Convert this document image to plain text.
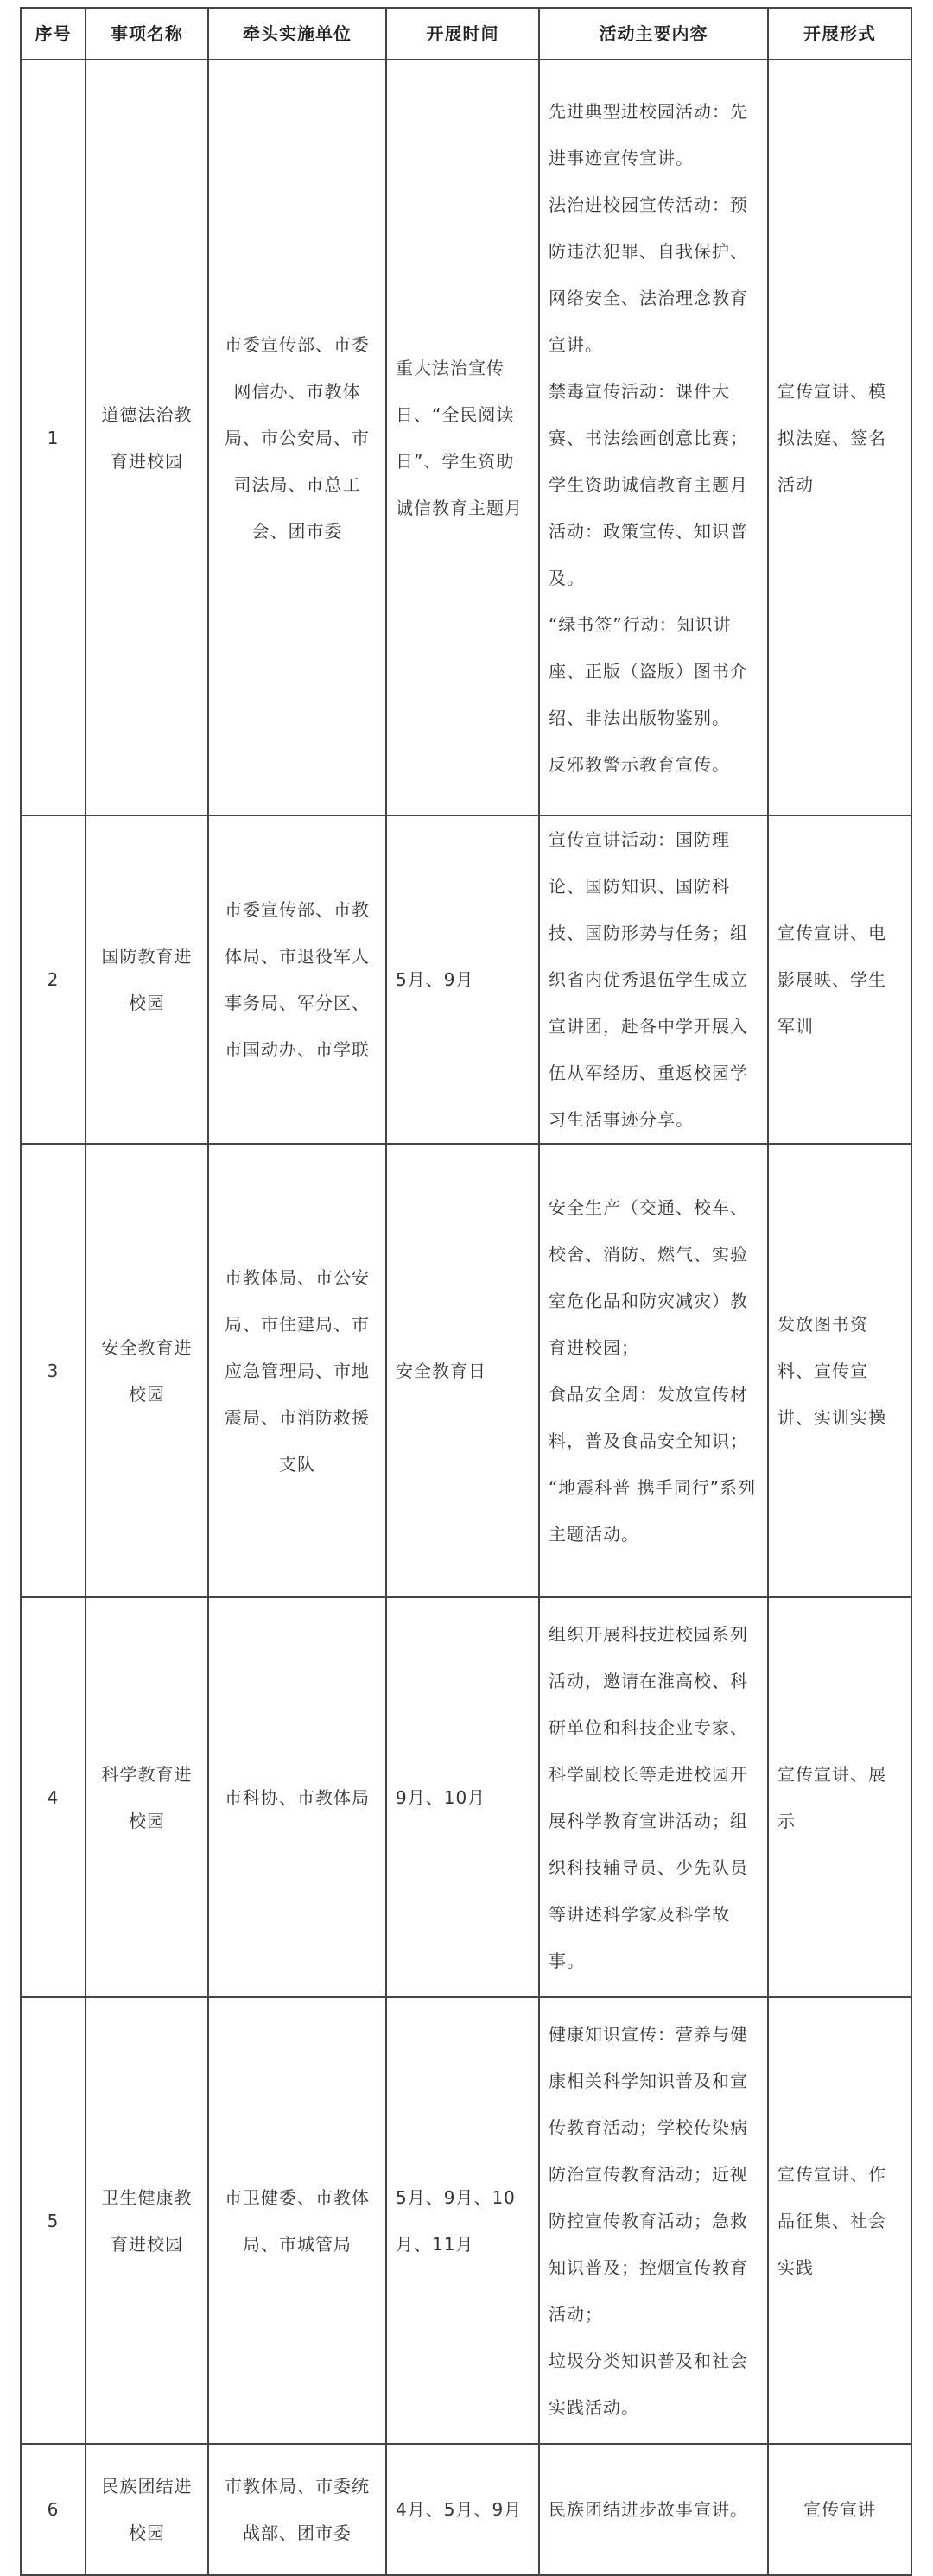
序号	事项名称	牵头实施单位	开展时间	活动主要内容	开展形式
1	道德法治教育进校园	市委宣传部、市委网信办、市教体局、市公安局、市司法局、市总工会、团市委	重大法治宣传日、“全民阅读日”、学生资助诚信教育主题月	先进典型进校园活动：先进事迹宣传宣讲。
法治进校园宣传活动：预防违法犯罪、自我保护、网络安全、法治理念教育宣讲。
禁毒宣传活动：课件大赛、书法绘画创意比赛；学生资助诚信教育主题月活动：政策宣传、知识普及。
“绿书签”行动：知识讲座、正版（盗版）图书介绍、非法出版物鉴别。
反邪教警示教育宣传。	宣传宣讲、模拟法庭、签名活动
2	国防教育进校园	市委宣传部、市教体局、市退役军人事务局、军分区、市国动办、市学联	5月、9月	宣传宣讲活动：国防理论、国防知识、国防科技、国防形势与任务；组织省内优秀退伍学生成立宣讲团，赴各中学开展入伍从军经历、重返校园学习生活事迹分享。	宣传宣讲、电影展映、学生军训
3	安全教育进校园	市教体局、市公安局、市住建局、市应急管理局、市地震局、市消防救援支队	安全教育日	安全生产（交通、校车、校舍、消防、燃气、实验室危化品和防灾减灾）教育进校园；
食品安全周：发放宣传材料，普及食品安全知识；
“地震科普 携手同行”系列主题活动。	发放图书资料、宣传宣讲、实训实操
4	科学教育进校园	市科协、市教体局	9月、10月	组织开展科技进校园系列活动，邀请在淮高校、科研单位和科技企业专家、科学副校长等走进校园开展科学教育宣讲活动；组织科技辅导员、少先队员等讲述科学家及科学故事。	宣传宣讲、展示
5	卫生健康教育进校园	市卫健委、市教体局、市城管局	5月、9月、10月、11月	健康知识宣传：营养与健康相关科学知识普及和宣传教育活动；学校传染病防治宣传教育活动；近视防控宣传教育活动；急救知识普及；控烟宣传教育活动；
垃圾分类知识普及和社会实践活动。	宣传宣讲、作品征集、社会实践
6	民族团结进校园	市教体局、市委统战部、团市委	4月、5月、9月	民族团结进步故事宣讲。	宣传宣讲
